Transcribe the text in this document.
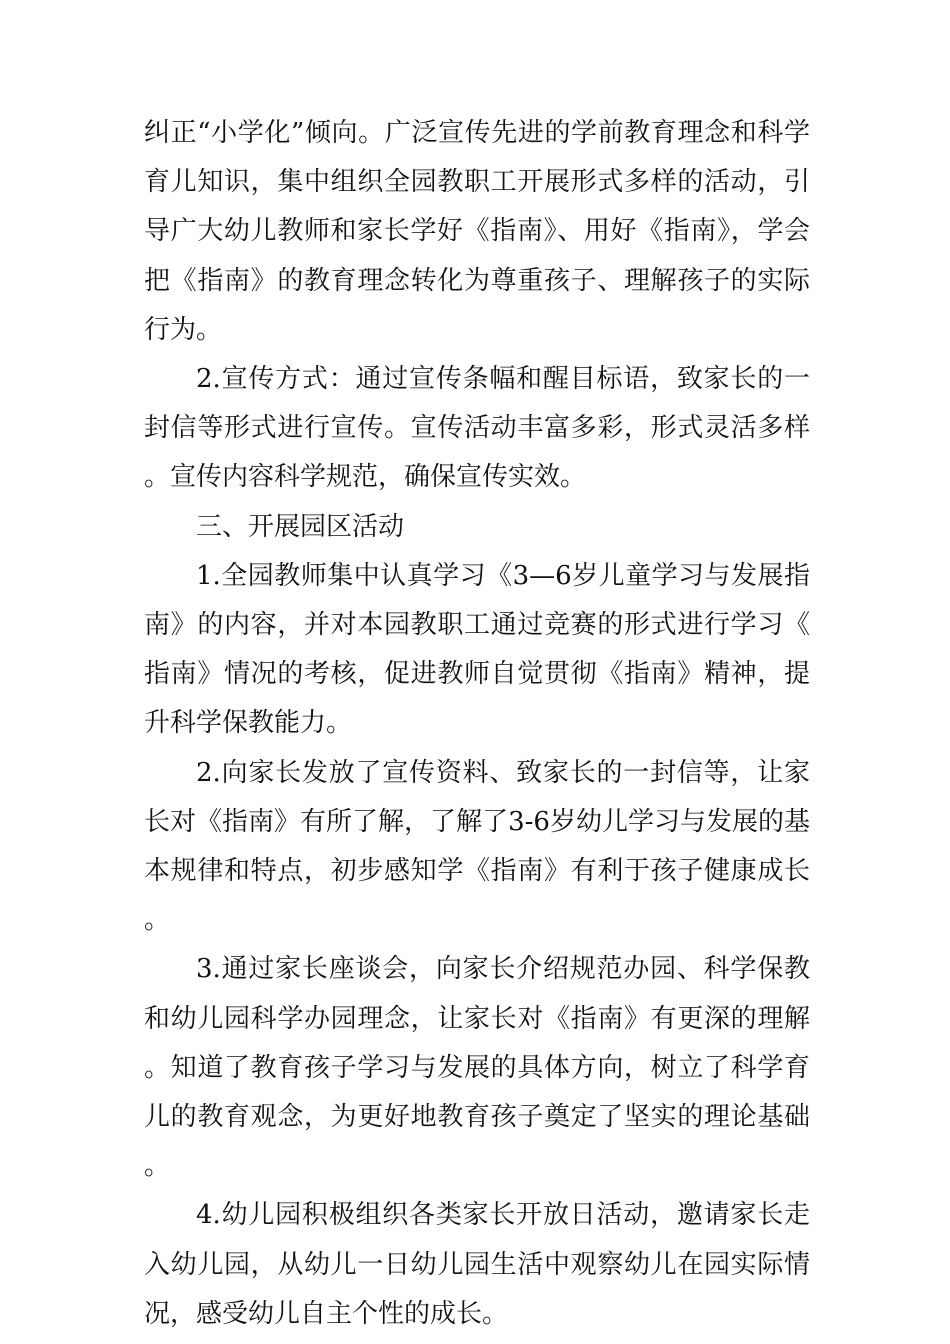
纠正“小学化”倾向。广泛宣传先进的学前教育理念和科学育儿知识，集中组织全园教职工开展形式多样的活动，引导广大幼儿教师和家长学好《指南》、用好《指南》，学会把《指南》的教育理念转化为尊重孩子、理解孩子的实际行为。

2.宣传方式：通过宣传条幅和醒目标语，致家长的一封信等形式进行宣传。宣传活动丰富多彩，形式灵活多样。宣传内容科学规范，确保宣传实效。

三、开展园区活动

1.全园教师集中认真学习《3—6岁儿童学习与发展指南》的内容，并对本园教职工通过竞赛的形式进行学习《指南》情况的考核，促进教师自觉贯彻《指南》精神，提升科学保教能力。

2.向家长发放了宣传资料、致家长的一封信等，让家长对《指南》有所了解，了解了3-6岁幼儿学习与发展的基本规律和特点，初步感知学《指南》有利于孩子健康成长。

3.通过家长座谈会，向家长介绍规范办园、科学保教和幼儿园科学办园理念，让家长对《指南》有更深的理解。知道了教育孩子学习与发展的具体方向，树立了科学育儿的教育观念，为更好地教育孩子奠定了坚实的理论基础。

4.幼儿园积极组织各类家长开放日活动，邀请家长走入幼儿园，从幼儿一日幼儿园生活中观察幼儿在园实际情况，感受幼儿自主个性的成长。
